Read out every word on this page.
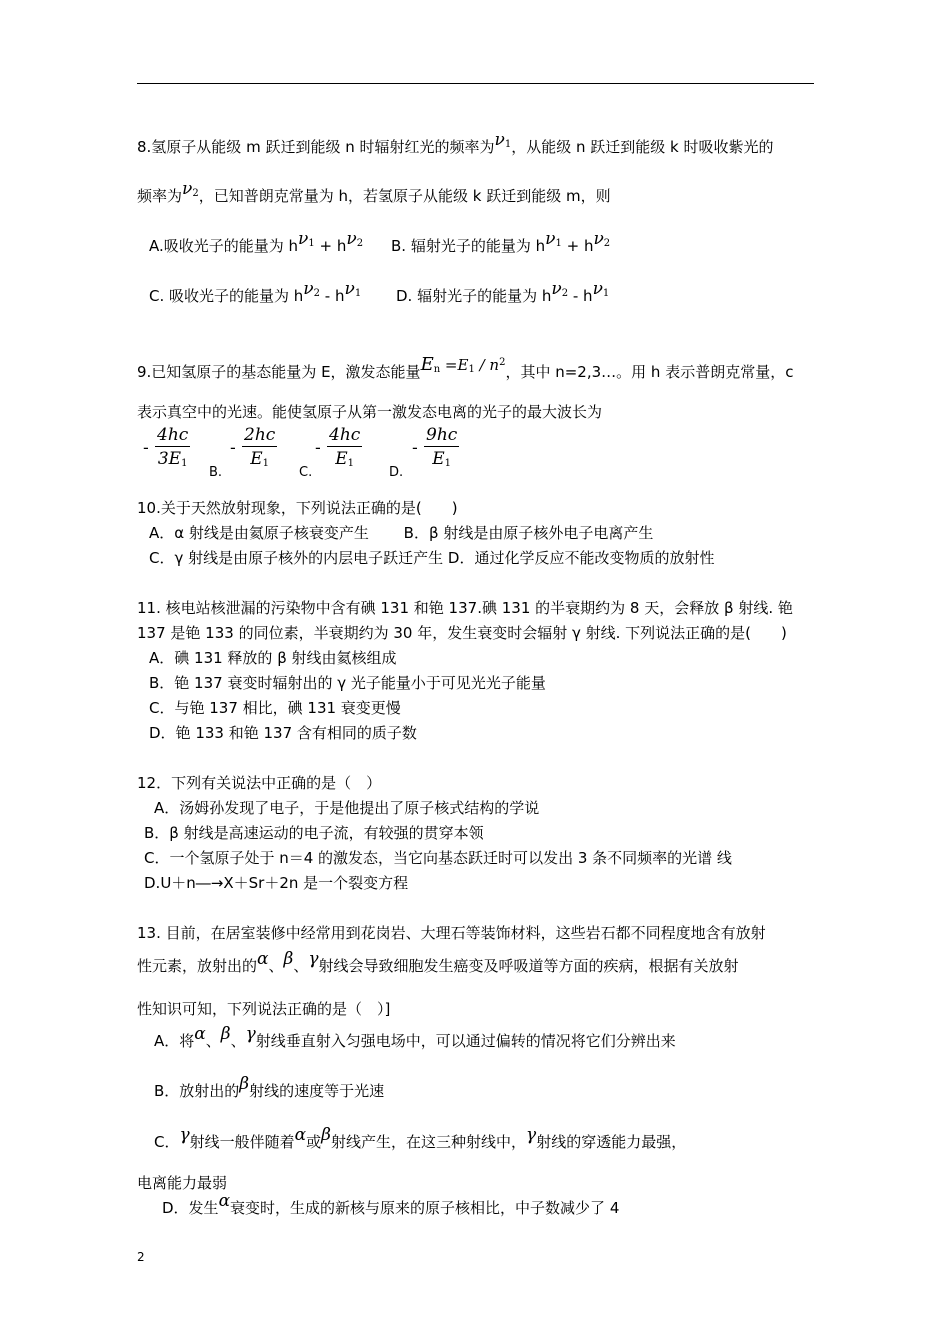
8.氢原子从能级 m 跃迁到能级 n 时辐射红光的频率为$\nu_1$，从能级 n 跃迁到能级 k 时吸收紫光的
频率为$\nu_2$，已知普朗克常量为 h，若氢原子从能级 k 跃迁到能级 m，则
A.吸收光子的能量为 $h\nu_1 + h\nu_2$ B. 辐射光子的能量为 $h\nu_1 + h\nu_2$
C. 吸收光子的能量为 $h\nu_2 - h\nu_1$ D. 辐射光子的能量为 $h\nu_2 - h\nu_1$
9.已知氢原子的基态能量为 E，激发态能量$E^n =E^1 / n^2$，其中 n=2,3…。用 h 表示普朗克常量，c
表示真空中的光速。能使氢原子从第一激发态电离的光子的最大波长为
- $\frac{4hc}{3E_1} - \frac{2hc}{E_1}$
B.
- $\frac{4hc}{E_1}$
C.
- $\frac{9hc}{E_1}$
D.
10.关于天然放射现象，下列说法正确的是(　　)
A．α 射线是由氦原子核衰变产生　　 B．β 射线是由原子核外电子电离产生
C．γ 射线是由原子核外的内层电子跃迁产生 D．通过化学反应不能改变物质的放射性
11. 核电站核泄漏的污染物中含有碘 131 和铯 137.碘 131 的半衰期约为 8 天，会释放 β 射线. 铯
137 是铯 133 的同位素，半衰期约为 30 年，发生衰变时会辐射 γ 射线. 下列说法正确的是(　　)
A．碘 131 释放的 β 射线由氦核组成
B．铯 137 衰变时辐射出的 γ 光子能量小于可见光光子能量
C．与铯 137 相比，碘 131 衰变更慢
D．铯 133 和铯 137 含有相同的质子数
12．下列有关说法中正确的是（　）
A．汤姆孙发现了电子，于是他提出了原子核式结构的学说
B．β 射线是高速运动的电子流，有较强的贯穿本领
C．一个氢原子处于 n＝4 的激发态，当它向基态跃迁时可以发出 3 条不同频率的光谱 线
D.U＋n―→X＋Sr＋2n 是一个裂变方程
13. 目前，在居室装修中经常用到花岗岩、大理石等装饰材料，这些岩石都不同程度地含有放射
性元素，放射出的α、β、γ射线会导致细胞发生癌变及呼吸道等方面的疾病，根据有关放射
性知识可知，下列说法正确的是（　）]
A．将α、β、γ射线垂直射入匀强电场中，可以通过偏转的情况将它们分辨出来
B．放射出的β射线的速度等于光速
C．γ射线一般伴随着α或β射线产生，在这三种射线中，γ射线的穿透能力最强，
电离能力最弱
D．发生α衰变时，生成的新核与原来的原子核相比，中子数减少了 4
2
